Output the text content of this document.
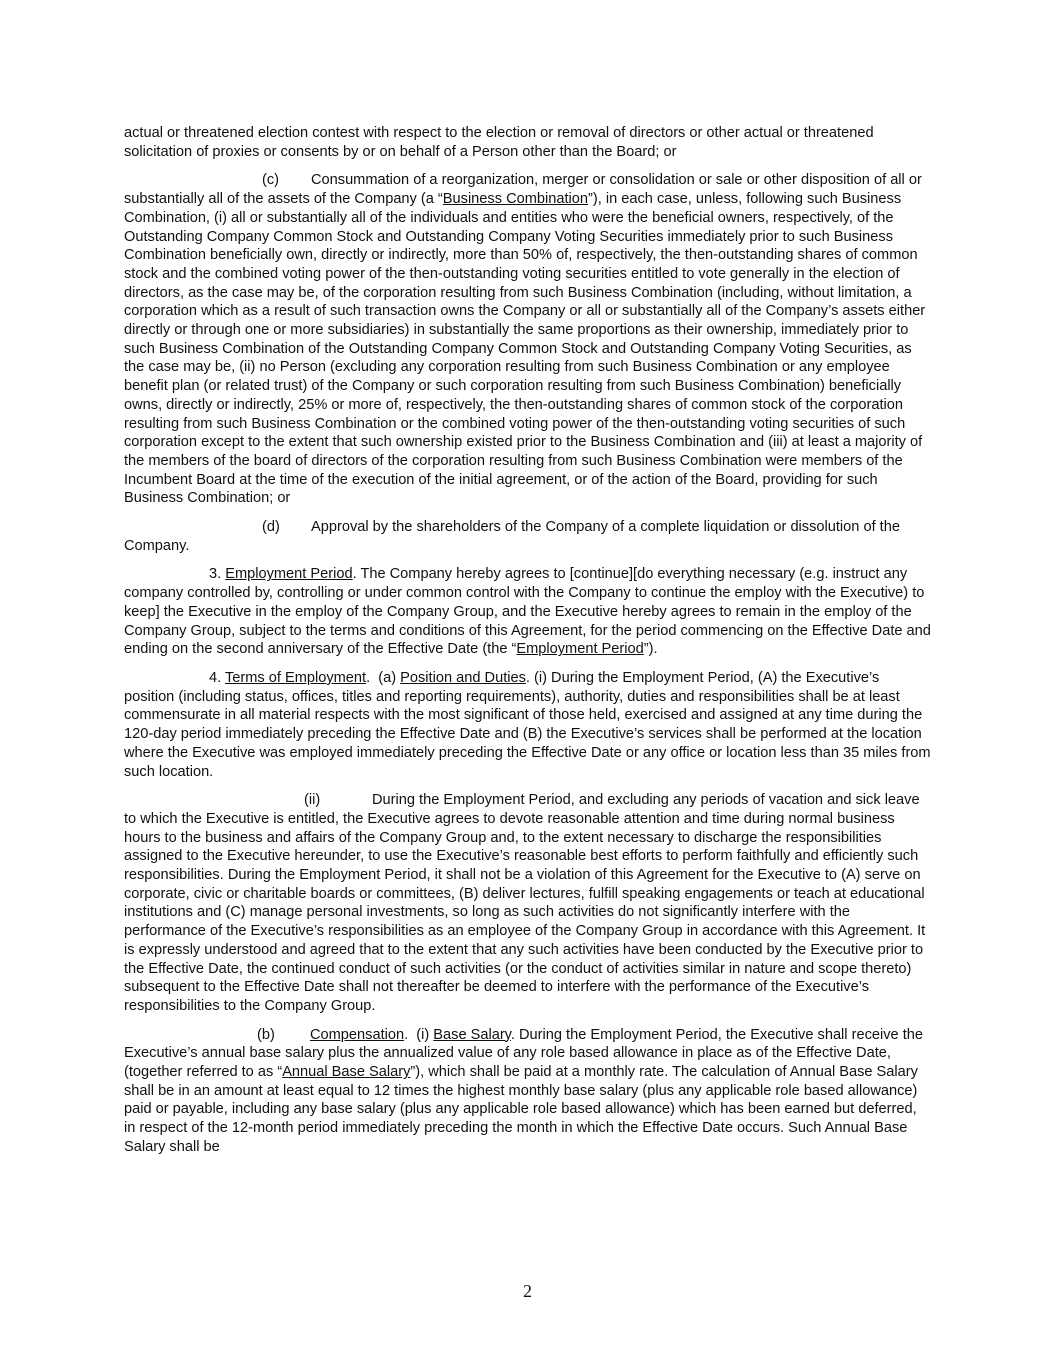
actual or threatened election contest with respect to the election or removal of directors or other actual or threatened solicitation of proxies or consents by or on behalf of a Person other than the Board; or

(c) Consummation of a reorganization, merger or consolidation or sale or other disposition of all or substantially all of the assets of the Company (a “Business Combination”), in each case, unless, following such Business Combination, (i) all or substantially all of the individuals and entities who were the beneficial owners, respectively, of the Outstanding Company Common Stock and Outstanding Company Voting Securities immediately prior to such Business Combination beneficially own, directly or indirectly, more than 50% of, respectively, the then-outstanding shares of common stock and the combined voting power of the then-outstanding voting securities entitled to vote generally in the election of directors, as the case may be, of the corporation resulting from such Business Combination (including, without limitation, a corporation which as a result of such transaction owns the Company or all or substantially all of the Company’s assets either directly or through one or more subsidiaries) in substantially the same proportions as their ownership, immediately prior to such Business Combination of the Outstanding Company Common Stock and Outstanding Company Voting Securities, as the case may be, (ii) no Person (excluding any corporation resulting from such Business Combination or any employee benefit plan (or related trust) of the Company or such corporation resulting from such Business Combination) beneficially owns, directly or indirectly, 25% or more of, respectively, the then-outstanding shares of common stock of the corporation resulting from such Business Combination or the combined voting power of the then-outstanding voting securities of such corporation except to the extent that such ownership existed prior to the Business Combination and (iii) at least a majority of the members of the board of directors of the corporation resulting from such Business Combination were members of the Incumbent Board at the time of the execution of the initial agreement, or of the action of the Board, providing for such Business Combination; or

(d) Approval by the shareholders of the Company of a complete liquidation or dissolution of the Company.

3. Employment Period. The Company hereby agrees to [continue][do everything necessary (e.g. instruct any company controlled by, controlling or under common control with the Company to continue the employ with the Executive) to keep] the Executive in the employ of the Company Group, and the Executive hereby agrees to remain in the employ of the Company Group, subject to the terms and conditions of this Agreement, for the period commencing on the Effective Date and ending on the second anniversary of the Effective Date (the “Employment Period”).

4. Terms of Employment.  (a) Position and Duties. (i) During the Employment Period, (A) the Executive’s position (including status, offices, titles and reporting requirements), authority, duties and responsibilities shall be at least commensurate in all material respects with the most significant of those held, exercised and assigned at any time during the 120-day period immediately preceding the Effective Date and (B) the Executive’s services shall be performed at the location where the Executive was employed immediately preceding the Effective Date or any office or location less than 35 miles from such location.

(ii)	During the Employment Period, and excluding any periods of vacation and sick leave to which the Executive is entitled, the Executive agrees to devote reasonable attention and time during normal business hours to the business and affairs of the Company Group and, to the extent necessary to discharge the responsibilities assigned to the Executive hereunder, to use the Executive’s reasonable best efforts to perform faithfully and efficiently such responsibilities. During the Employment Period, it shall not be a violation of this Agreement for the Executive to (A) serve on corporate, civic or charitable boards or committees, (B) deliver lectures, fulfill speaking engagements or teach at educational institutions and (C) manage personal investments, so long as such activities do not significantly interfere with the performance of the Executive’s responsibilities as an employee of the Company Group in accordance with this Agreement. It is expressly understood and agreed that to the extent that any such activities have been conducted by the Executive prior to the Effective Date, the continued conduct of such activities (or the conduct of activities similar in nature and scope thereto) subsequent to the Effective Date shall not thereafter be deemed to interfere with the performance of the Executive’s responsibilities to the Company Group.

(b) Compensation.  (i) Base Salary. During the Employment Period, the Executive shall receive the Executive’s annual base salary plus the annualized value of any role based allowance in place as of the Effective Date, (together referred to as “Annual Base Salary”), which shall be paid at a monthly rate. The calculation of Annual Base Salary shall be in an amount at least equal to 12 times the highest monthly base salary (plus any applicable role based allowance) paid or payable, including any base salary (plus any applicable role based allowance) which has been earned but deferred, in respect of the 12-month period immediately preceding the month in which the Effective Date occurs. Such Annual Base Salary shall be

2
